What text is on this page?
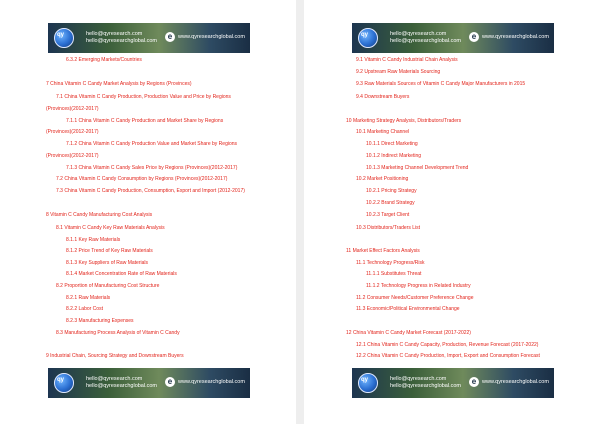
qy	hello@qyresearch.com
hello@qyresearchglobal.com	e	www.qyresearchglobal.com
6.3.2 Emerging Markets/Countries
7 China Vitamin C Candy Market Analysis by Regions (Provinces)
7.1 China Vitamin C Candy Production, Production Value and Price by Regions
(Provinces)(2012-2017)
7.1.1 China Vitamin C Candy Production and Market Share by Regions
(Provinces)(2012-2017)
7.1.2 China Vitamin C Candy Production Value and Market Share by Regions
(Provinces)(2012-2017)
7.1.3 China Vitamin C Candy Sales Price by Regions (Provinces)(2012-2017)
7.2 China Vitamin C Candy Consumption by Regions (Provinces)(2012-2017)
7.3 China Vitamin C Candy Production, Consumption, Export and Import (2012-2017)
8 Vitamin C Candy Manufacturing Cost Analysis
8.1 Vitamin C Candy Key Raw Materials Analysis
8.1.1 Key Raw Materials
8.1.2 Price Trend of Key Raw Materials
8.1.3 Key Suppliers of Raw Materials
8.1.4 Market Concentration Rate of Raw Materials
8.2 Proportion of Manufacturing Cost Structure
8.2.1 Raw Materials
8.2.2 Labor Cost
8.2.3 Manufacturing Expenses
8.3 Manufacturing Process Analysis of Vitamin C Candy
9 Industrial Chain, Sourcing Strategy and Downstream Buyers
qy	hello@qyresearch.com
hello@qyresearchglobal.com	e	www.qyresearchglobal.com
qy	hello@qyresearch.com
hello@qyresearchglobal.com	e	www.qyresearchglobal.com
9.1 Vitamin C Candy Industrial Chain Analysis
9.2 Upstream Raw Materials Sourcing
9.3 Raw Materials Sources of Vitamin C Candy Major Manufacturers in 2015
9.4 Downstream Buyers
10 Marketing Strategy Analysis, Distributors/Traders
10.1 Marketing Channel
10.1.1 Direct Marketing
10.1.2 Indirect Marketing
10.1.3 Marketing Channel Development Trend
10.2 Market Positioning
10.2.1 Pricing Strategy
10.2.2 Brand Strategy
10.2.3 Target Client
10.3 Distributors/Traders List
11 Market Effect Factors Analysis
11.1 Technology Progress/Risk
11.1.1 Substitutes Threat
11.1.2 Technology Progress in Related Industry
11.2 Consumer Needs/Customer Preference Change
11.3 Economic/Political Environmental Change
12 China Vitamin C Candy Market Forecast (2017-2022)
12.1 China Vitamin C Candy Capacity, Production, Revenue Forecast (2017-2022)
12.2 China Vitamin C Candy Production, Import, Export and Consumption Forecast
qy	hello@qyresearch.com
hello@qyresearchglobal.com	e	www.qyresearchglobal.com
